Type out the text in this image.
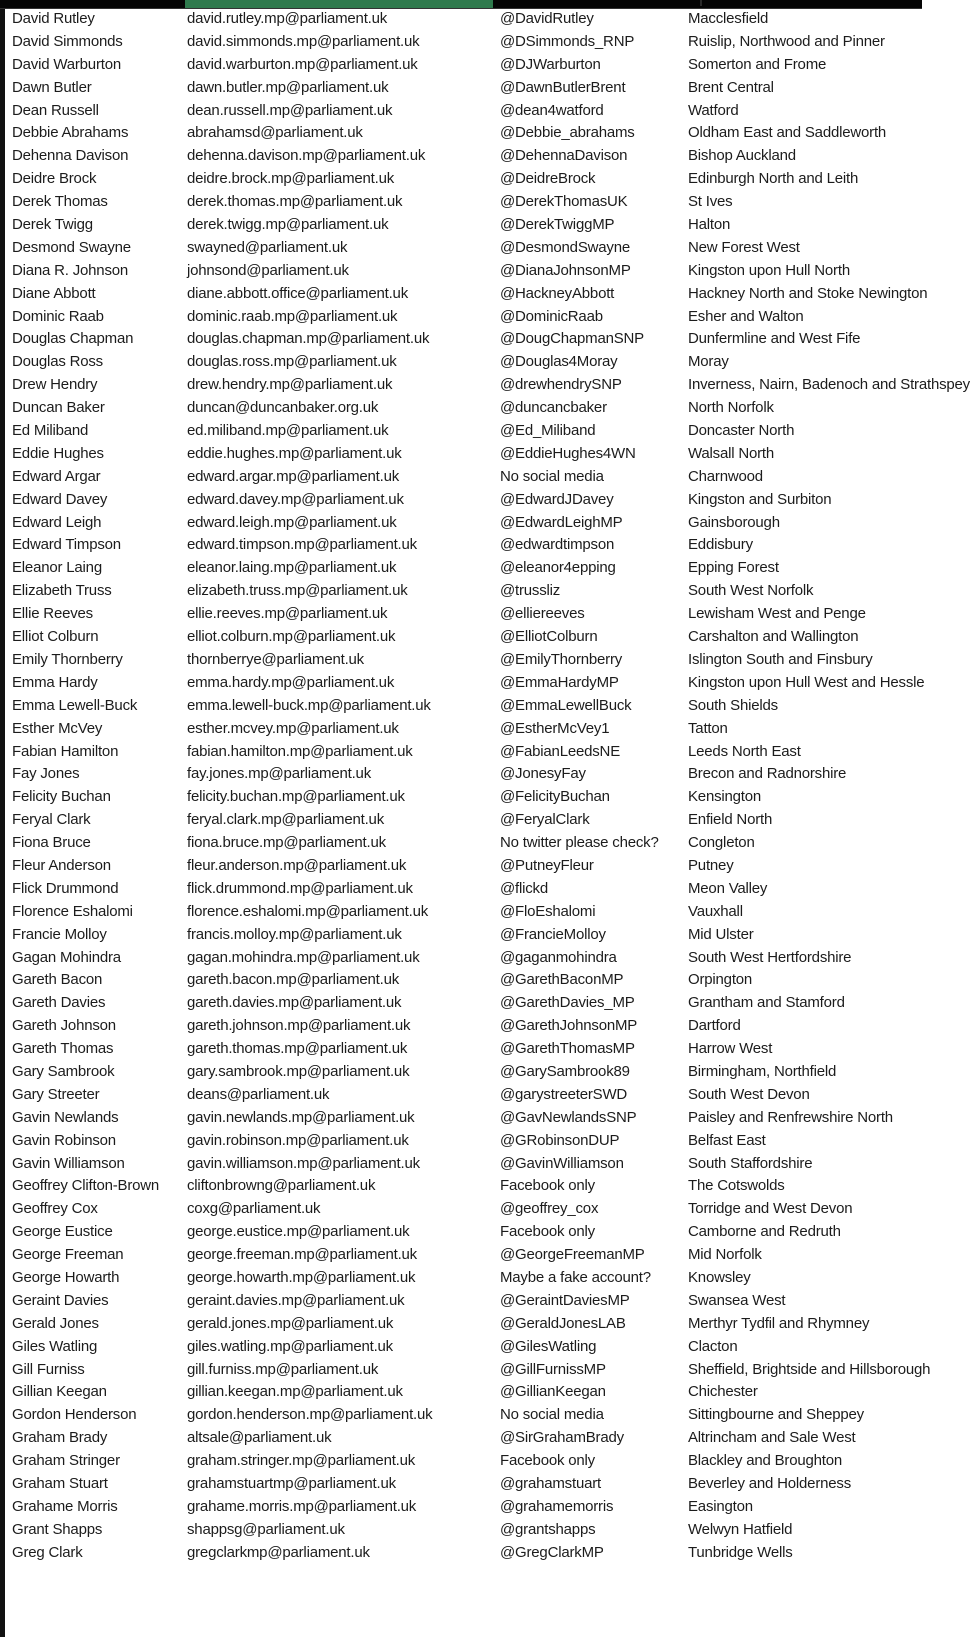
David Rutley	david.rutley.mp@parliament.uk	@DavidRutley	Macclesfield
David Simmonds	david.simmonds.mp@parliament.uk	@DSimmonds_RNP	Ruislip, Northwood and Pinner
David Warburton	david.warburton.mp@parliament.uk	@DJWarburton	Somerton and Frome
Dawn Butler	dawn.butler.mp@parliament.uk	@DawnButlerBrent	Brent Central
Dean Russell	dean.russell.mp@parliament.uk	@dean4watford	Watford
Debbie Abrahams	abrahamsd@parliament.uk	@Debbie_abrahams	Oldham East and Saddleworth
Dehenna Davison	dehenna.davison.mp@parliament.uk	@DehennaDavison	Bishop Auckland
Deidre Brock	deidre.brock.mp@parliament.uk	@DeidreBrock	Edinburgh North and Leith
Derek Thomas	derek.thomas.mp@parliament.uk	@DerekThomasUK	St Ives
Derek Twigg	derek.twigg.mp@parliament.uk	@DerekTwiggMP	Halton
Desmond Swayne	swayned@parliament.uk	@DesmondSwayne	New Forest West
Diana R. Johnson	johnsond@parliament.uk	@DianaJohnsonMP	Kingston upon Hull North
Diane Abbott	diane.abbott.office@parliament.uk	@HackneyAbbott	Hackney North and Stoke Newington
Dominic Raab	dominic.raab.mp@parliament.uk	@DominicRaab	Esher and Walton
Douglas Chapman	douglas.chapman.mp@parliament.uk	@DougChapmanSNP	Dunfermline and West Fife
Douglas Ross	douglas.ross.mp@parliament.uk	@Douglas4Moray	Moray
Drew Hendry	drew.hendry.mp@parliament.uk	@drewhendrySNP	Inverness, Nairn, Badenoch and Strathspey
Duncan Baker	duncan@duncanbaker.org.uk	@duncancbaker	North Norfolk
Ed Miliband	ed.miliband.mp@parliament.uk	@Ed_Miliband	Doncaster North
Eddie Hughes	eddie.hughes.mp@parliament.uk	@EddieHughes4WN	Walsall North
Edward Argar	edward.argar.mp@parliament.uk	No social media	Charnwood
Edward Davey	edward.davey.mp@parliament.uk	@EdwardJDavey	Kingston and Surbiton
Edward Leigh	edward.leigh.mp@parliament.uk	@EdwardLeighMP	Gainsborough
Edward Timpson	edward.timpson.mp@parliament.uk	@edwardtimpson	Eddisbury
Eleanor Laing	eleanor.laing.mp@parliament.uk	@eleanor4epping	Epping Forest
Elizabeth Truss	elizabeth.truss.mp@parliament.uk	@trussliz	South West Norfolk
Ellie Reeves	ellie.reeves.mp@parliament.uk	@elliereeves	Lewisham West and Penge
Elliot Colburn	elliot.colburn.mp@parliament.uk	@ElliotColburn	Carshalton and Wallington
Emily Thornberry	thornberrye@parliament.uk	@EmilyThornberry	Islington South and Finsbury
Emma Hardy	emma.hardy.mp@parliament.uk	@EmmaHardyMP	Kingston upon Hull West and Hessle
Emma Lewell-Buck	emma.lewell-buck.mp@parliament.uk	@EmmaLewellBuck	South Shields
Esther McVey	esther.mcvey.mp@parliament.uk	@EstherMcVey1	Tatton
Fabian Hamilton	fabian.hamilton.mp@parliament.uk	@FabianLeedsNE	Leeds North East
Fay Jones	fay.jones.mp@parliament.uk	@JonesyFay	Brecon and Radnorshire
Felicity Buchan	felicity.buchan.mp@parliament.uk	@FelicityBuchan	Kensington
Feryal Clark	feryal.clark.mp@parliament.uk	@FeryalClark	Enfield North
Fiona Bruce	fiona.bruce.mp@parliament.uk	No twitter please check?	Congleton
Fleur Anderson	fleur.anderson.mp@parliament.uk	@PutneyFleur	Putney
Flick Drummond	flick.drummond.mp@parliament.uk	@flickd	Meon Valley
Florence Eshalomi	florence.eshalomi.mp@parliament.uk	@FloEshalomi	Vauxhall
Francie Molloy	francis.molloy.mp@parliament.uk	@FrancieMolloy	Mid Ulster
Gagan Mohindra	gagan.mohindra.mp@parliament.uk	@gaganmohindra	South West Hertfordshire
Gareth Bacon	gareth.bacon.mp@parliament.uk	@GarethBaconMP	Orpington
Gareth Davies	gareth.davies.mp@parliament.uk	@GarethDavies_MP	Grantham and Stamford
Gareth Johnson	gareth.johnson.mp@parliament.uk	@GarethJohnsonMP	Dartford
Gareth Thomas	gareth.thomas.mp@parliament.uk	@GarethThomasMP	Harrow West
Gary Sambrook	gary.sambrook.mp@parliament.uk	@GarySambrook89	Birmingham, Northfield
Gary Streeter	deans@parliament.uk	@garystreeterSWD	South West Devon
Gavin Newlands	gavin.newlands.mp@parliament.uk	@GavNewlandsSNP	Paisley and Renfrewshire North
Gavin Robinson	gavin.robinson.mp@parliament.uk	@GRobinsonDUP	Belfast East
Gavin Williamson	gavin.williamson.mp@parliament.uk	@GavinWilliamson	South Staffordshire
Geoffrey Clifton-Brown	cliftonbrowng@parliament.uk	Facebook only	The Cotswolds
Geoffrey Cox	coxg@parliament.uk	@geoffrey_cox	Torridge and West Devon
George Eustice	george.eustice.mp@parliament.uk	Facebook only	Camborne and Redruth
George Freeman	george.freeman.mp@parliament.uk	@GeorgeFreemanMP	Mid Norfolk
George Howarth	george.howarth.mp@parliament.uk	Maybe a fake account?	Knowsley
Geraint Davies	geraint.davies.mp@parliament.uk	@GeraintDaviesMP	Swansea West
Gerald Jones	gerald.jones.mp@parliament.uk	@GeraldJonesLAB	Merthyr Tydfil and Rhymney
Giles Watling	giles.watling.mp@parliament.uk	@GilesWatling	Clacton
Gill Furniss	gill.furniss.mp@parliament.uk	@GillFurnissMP	Sheffield, Brightside and Hillsborough
Gillian Keegan	gillian.keegan.mp@parliament.uk	@GillianKeegan	Chichester
Gordon Henderson	gordon.henderson.mp@parliament.uk	No social media	Sittingbourne and Sheppey
Graham Brady	altsale@parliament.uk	@SirGrahamBrady	Altrincham and Sale West
Graham Stringer	graham.stringer.mp@parliament.uk	Facebook only	Blackley and Broughton
Graham Stuart	grahamstuartmp@parliament.uk	@grahamstuart	Beverley and Holderness
Grahame Morris	grahame.morris.mp@parliament.uk	@grahamemorris	Easington
Grant Shapps	shappsg@parliament.uk	@grantshapps	Welwyn Hatfield
Greg Clark	gregclarkmp@parliament.uk	@GregClarkMP	Tunbridge Wells
